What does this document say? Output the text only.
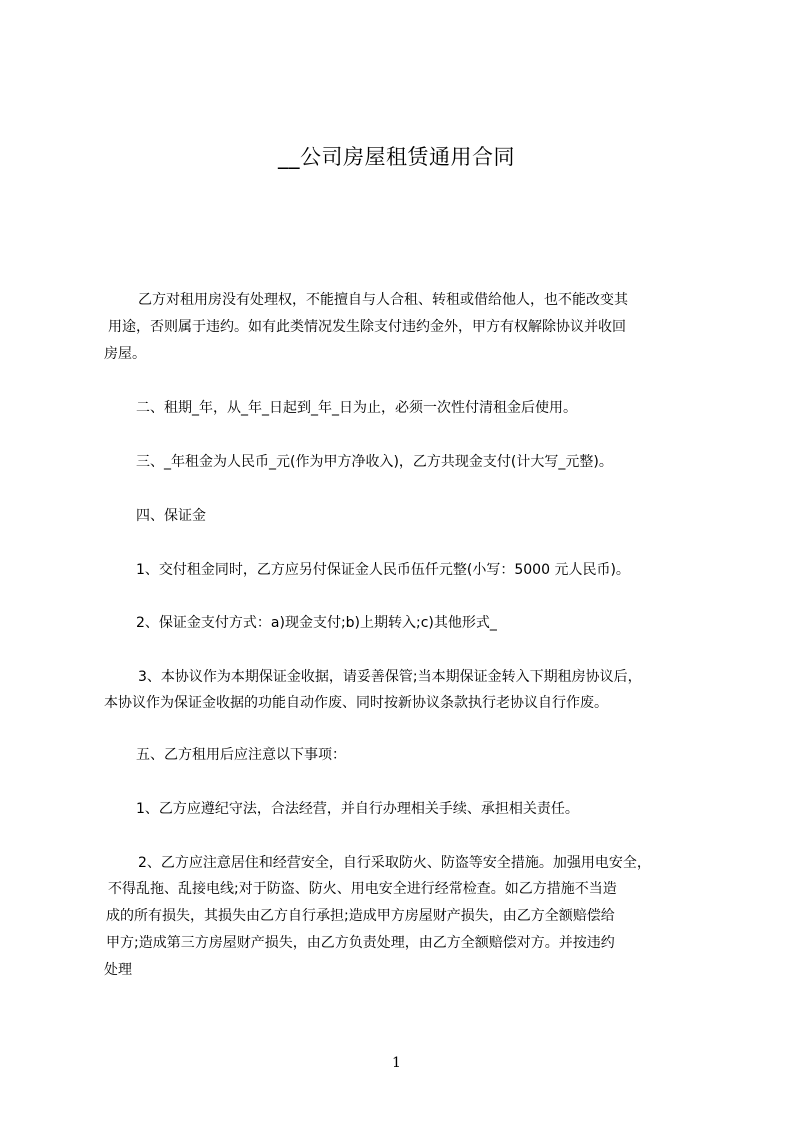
__公司房屋租赁通用合同
乙方对租用房没有处理权，不能擅自与人合租、转租或借给他人，也不能改变其
用途，否则属于违约。如有此类情况发生除支付违约金外，甲方有权解除协议并收回
房屋。
二、租期_年，从_年_日起到_年_日为止，必须一次性付清租金后使用。
三、_年租金为人民币_元(作为甲方净收入)，乙方共现金支付(计大写_元整)。
四、保证金
1、交付租金同时，乙方应另付保证金人民币伍仟元整(小写：5000 元人民币)。
2、保证金支付方式：a)现金支付;b)上期转入;c)其他形式_
3、本协议作为本期保证金收据，请妥善保管;当本期保证金转入下期租房协议后，
本协议作为保证金收据的功能自动作废、同时按新协议条款执行老协议自行作废。
五、乙方租用后应注意以下事项：
1、乙方应遵纪守法，合法经营，并自行办理相关手续、承担相关责任。
2、乙方应注意居住和经营安全，自行采取防火、防盗等安全措施。加强用电安全，
不得乱拖、乱接电线;对于防盗、防火、用电安全进行经常检查。如乙方措施不当造
成的所有损失，其损失由乙方自行承担;造成甲方房屋财产损失，由乙方全额赔偿给
甲方;造成第三方房屋财产损失，由乙方负责处理，由乙方全额赔偿对方。并按违约
处理
1
